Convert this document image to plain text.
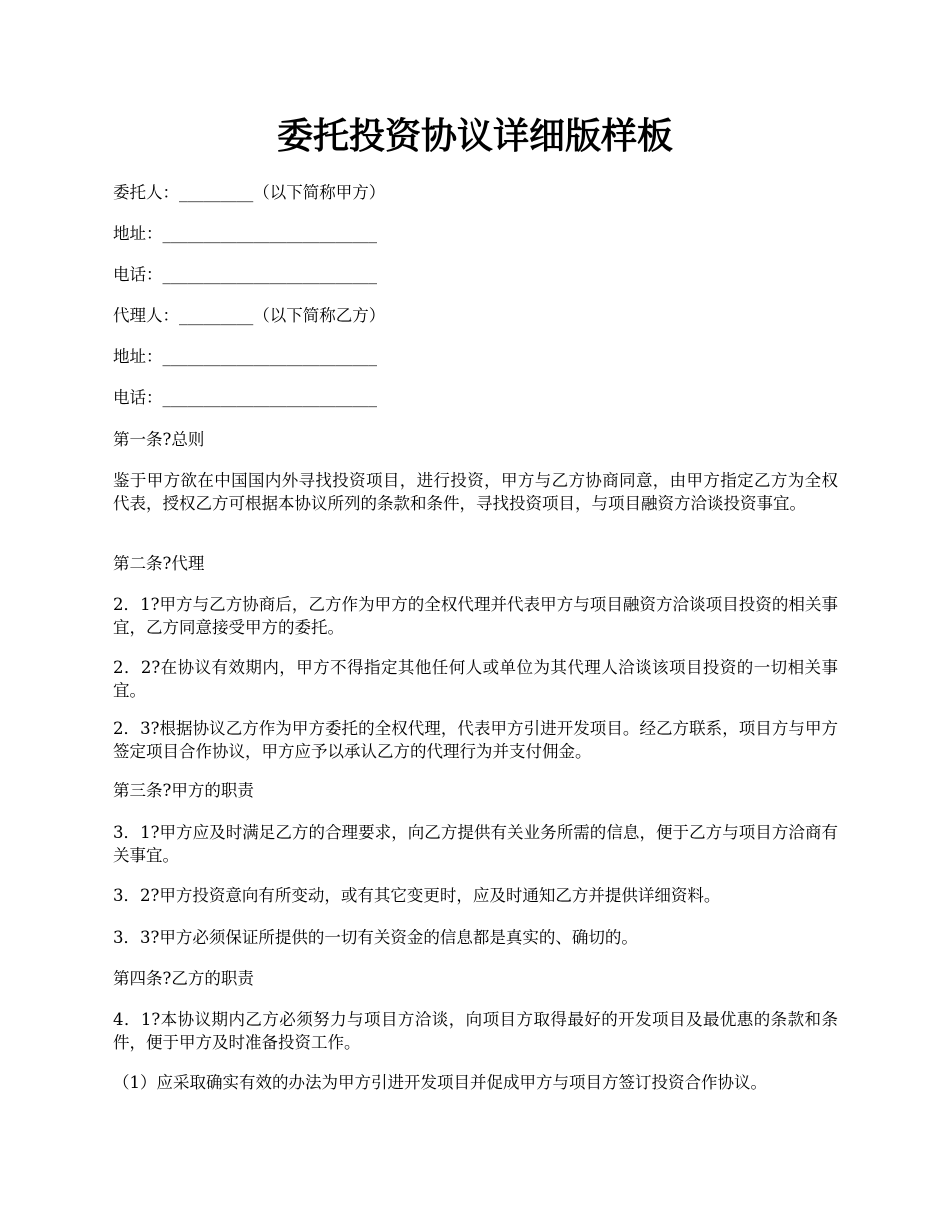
委托投资协议详细版样板
委托人：_________（以下简称甲方）
地址：__________________________
电话：__________________________
代理人：_________（以下简称乙方）
地址：__________________________
电话：__________________________
第一条?总则
鉴于甲方欲在中国国内外寻找投资项目，进行投资，甲方与乙方协商同意，由甲方指定乙方为全权代表，授权乙方可根据本协议所列的条款和条件，寻找投资项目，与项目融资方洽谈投资事宜。
第二条?代理
2．1?甲方与乙方协商后，乙方作为甲方的全权代理并代表甲方与项目融资方洽谈项目投资的相关事宜，乙方同意接受甲方的委托。
2．2?在协议有效期内，甲方不得指定其他任何人或单位为其代理人洽谈该项目投资的一切相关事宜。
2．3?根据协议乙方作为甲方委托的全权代理，代表甲方引进开发项目。经乙方联系，项目方与甲方签定项目合作协议，甲方应予以承认乙方的代理行为并支付佣金。
第三条?甲方的职责
3．1?甲方应及时满足乙方的合理要求，向乙方提供有关业务所需的信息，便于乙方与项目方洽商有关事宜。
3．2?甲方投资意向有所变动，或有其它变更时，应及时通知乙方并提供详细资料。
3．3?甲方必须保证所提供的一切有关资金的信息都是真实的、确切的。
第四条?乙方的职责
4．1?本协议期内乙方必须努力与项目方洽谈，向项目方取得最好的开发项目及最优惠的条款和条件，便于甲方及时准备投资工作。
（1）应采取确实有效的办法为甲方引进开发项目并促成甲方与项目方签订投资合作协议。
